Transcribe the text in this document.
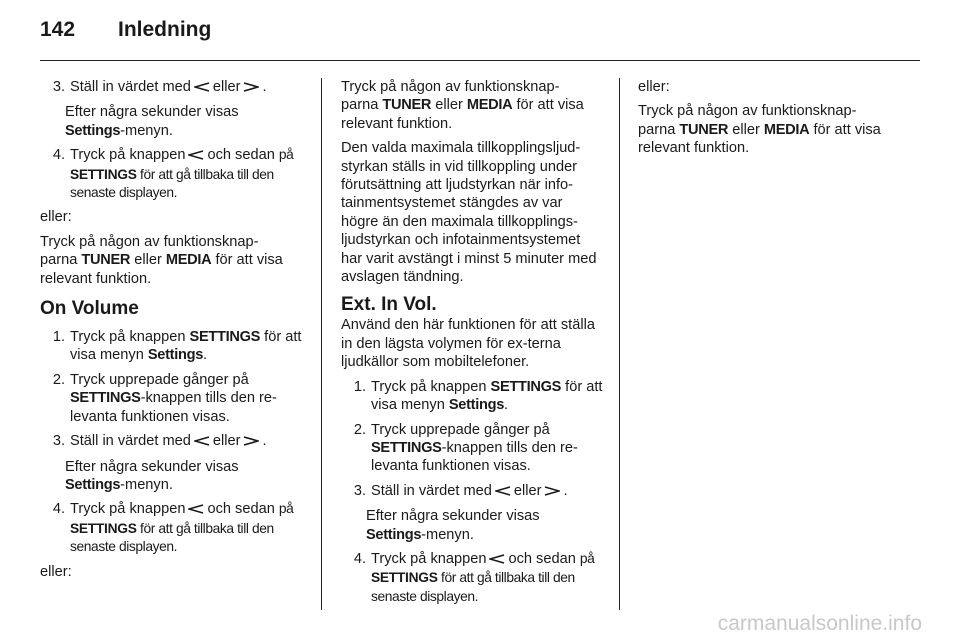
142 Inledning
3. Ställ in värdet med eller .
Efter några sekunder visas
Settings-menyn.
4. Tryck på knappen och sedan på SETTINGS för att gå tillbaka till den senaste displayen.

eller:

Tryck på någon av funktionsknap-
parna TUNER eller MEDIA för att visa
relevant funktion.

On Volume
1. Tryck på knappen SETTINGS för att visa menyn Settings.
2. Tryck upprepade gånger på SETTINGS-knappen tills den re-levanta funktionen visas.
3. Ställ in värdet med eller .
Efter några sekunder visas
Settings-menyn.
4. Tryck på knappen och sedan på SETTINGS för att gå tillbaka till den senaste displayen.

eller:

Tryck på någon av funktionsknap-
parna TUNER eller MEDIA för att visa
relevant funktion.

Den valda maximala tillkopplingsljud-styrkan ställs in vid tillkoppling under förutsättning att ljudstyrkan när info-tainmentsystemet stängdes av var högre än den maximala tillkopplings-ljudstyrkan och infotainmentsystemet har varit avstängt i minst 5 minuter med avslagen tändning.

Ext. In Vol.

Använd den här funktionen för att ställa in den lägsta volymen för ex-terna ljudkällor som mobiltelefoner.

1. Tryck på knappen SETTINGS för att visa menyn Settings.
2. Tryck upprepade gånger på SETTINGS-knappen tills den re-levanta funktionen visas.
3. Ställ in värdet med eller .
Efter några sekunder visas
Settings-menyn.
4. Tryck på knappen och sedan på SETTINGS för att gå tillbaka till den senaste displayen.

eller:

Tryck på någon av funktionsknap-
parna TUNER eller MEDIA för att visa
relevant funktion.

carmanualsonline.info
